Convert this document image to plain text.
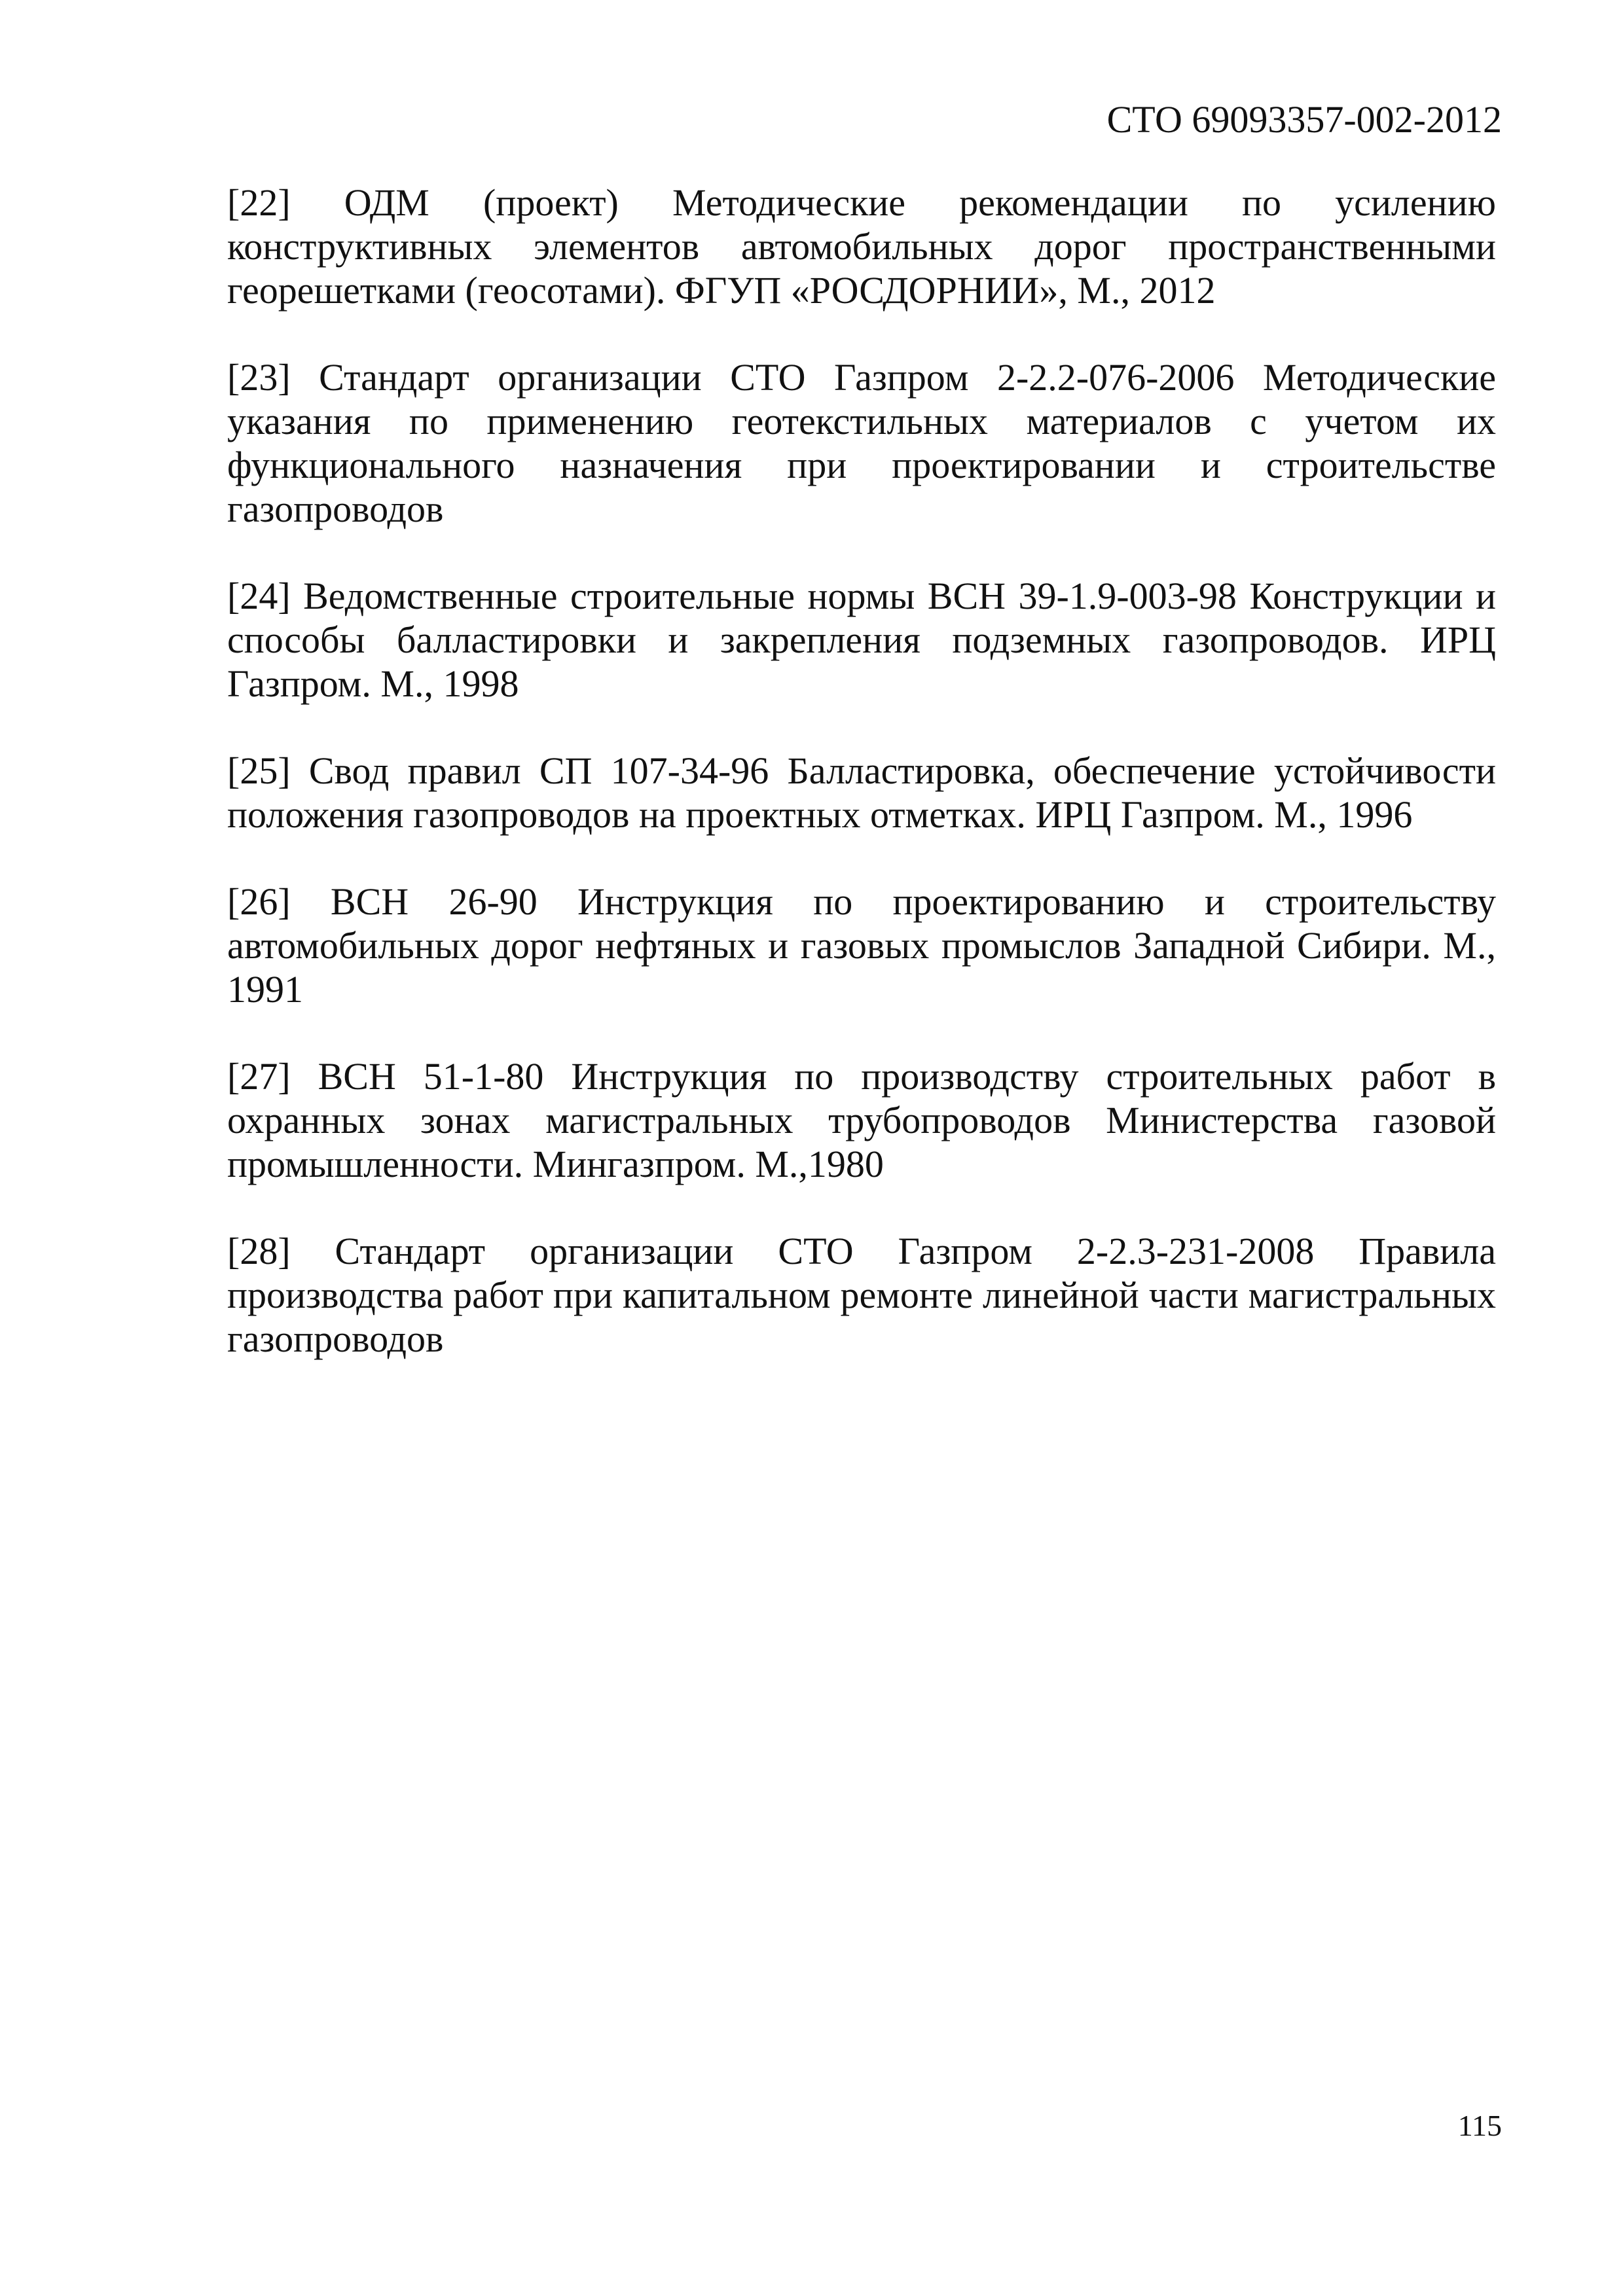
СТО 69093357-002-2012
[22] ОДМ (проект) Методические рекомендации по усилению конструктивных элементов автомобильных дорог пространственными георешетками (геосотами). ФГУП «РОСДОРНИИ», М., 2012
[23] Стандарт организации СТО Газпром 2-2.2-076-2006 Методические указания по применению геотекстильных материалов с учетом их функционального назначения при проектировании и строительстве газопроводов
[24] Ведомственные строительные нормы ВСН 39-1.9-003-98 Конструкции и способы балластировки и закрепления подземных газопроводов. ИРЦ Газпром. М., 1998
[25] Свод правил СП 107-34-96 Балластировка, обеспечение устойчивости положения газопроводов на проектных отметках. ИРЦ Газпром. М., 1996
[26] ВСН 26-90 Инструкция по проектированию и строительству автомобильных дорог нефтяных и газовых промыслов Западной Сибири. М., 1991
[27] ВСН 51-1-80 Инструкция по производству строительных работ в охранных зонах магистральных трубопроводов Министерства газовой промышленности. Мингазпром. М.,1980
[28] Стандарт организации СТО Газпром 2-2.3-231-2008 Правила производства работ при капитальном ремонте линейной части магистральных газопроводов
115
